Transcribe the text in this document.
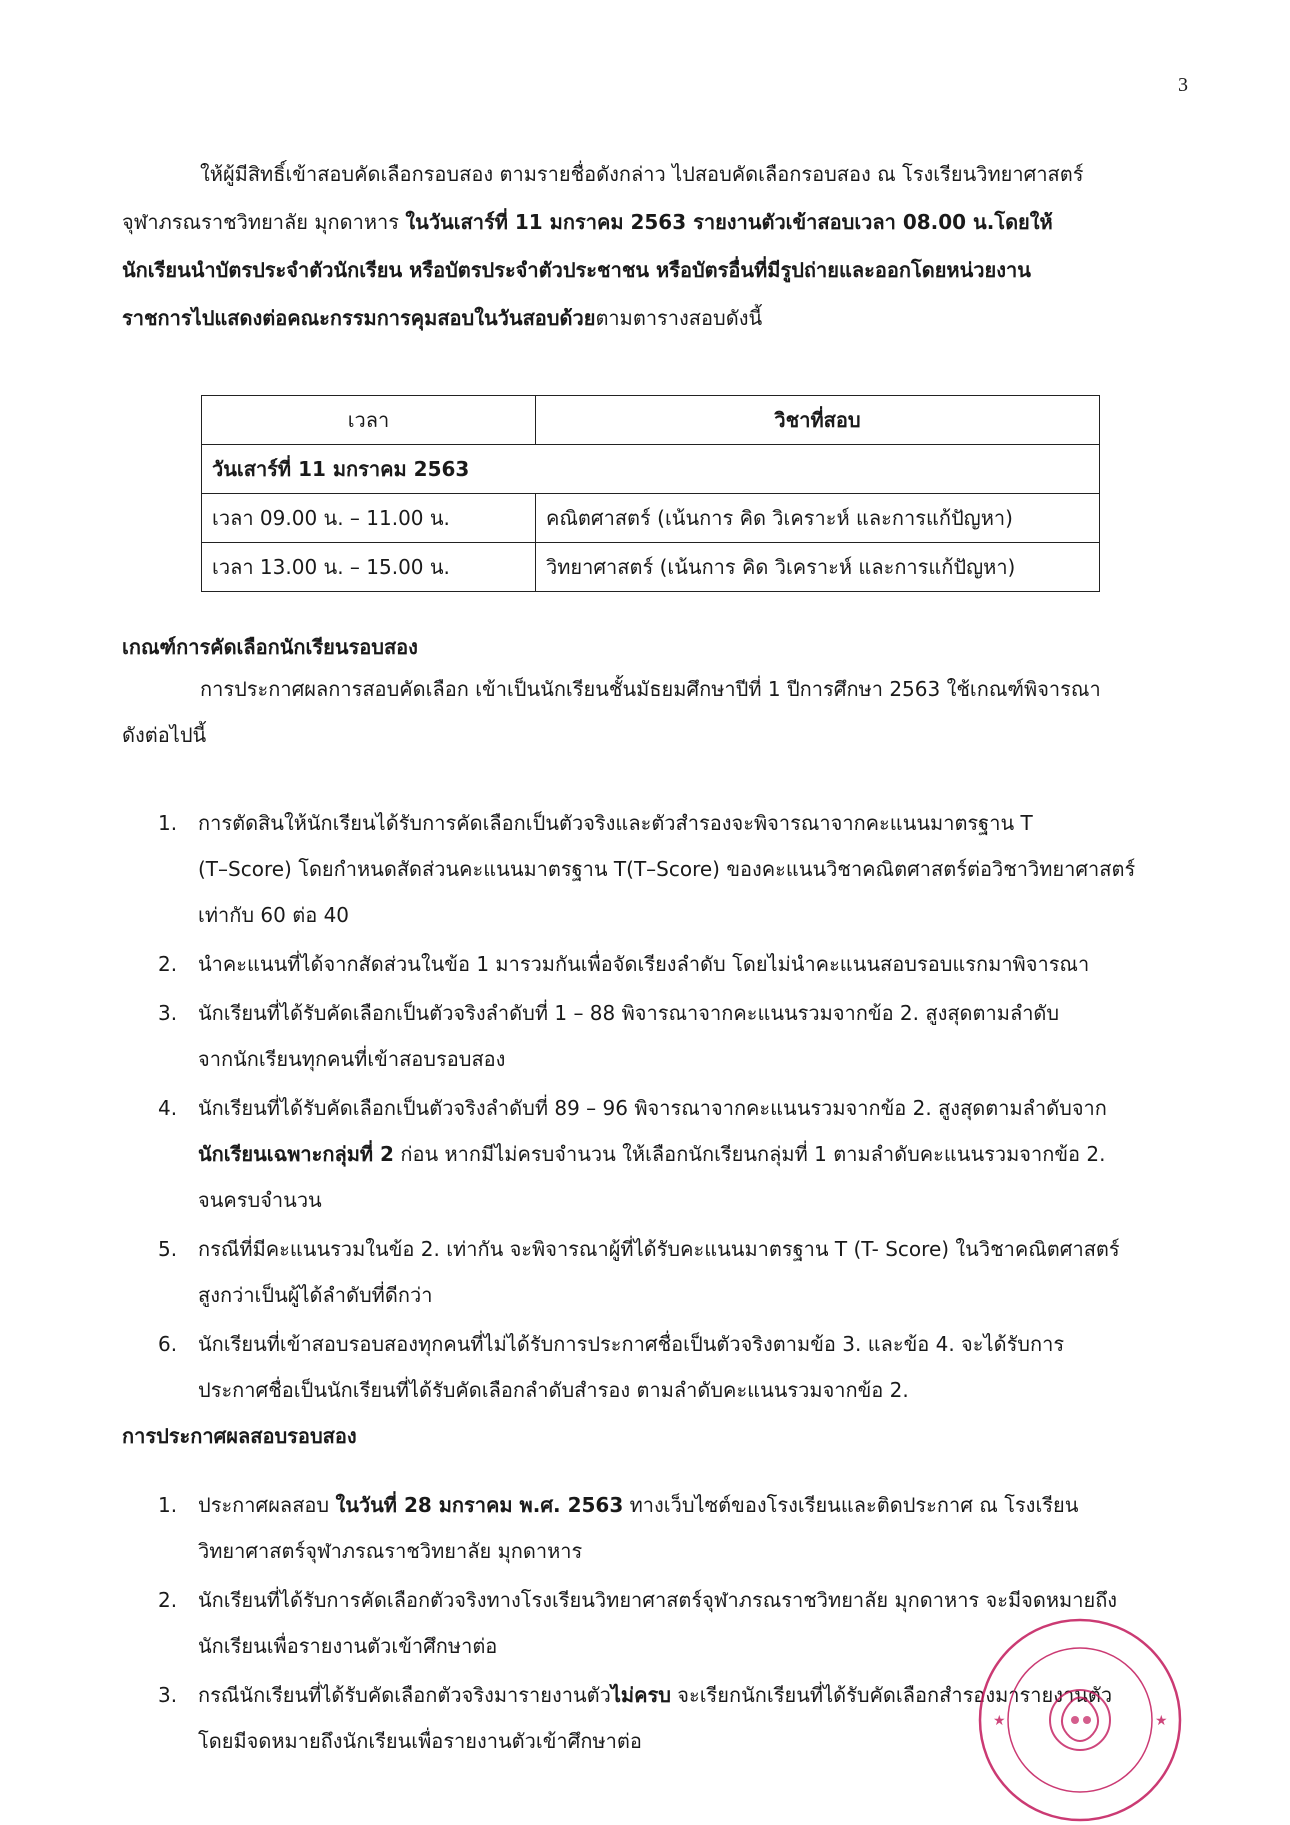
3
ให้ผู้มีสิทธิ์เข้าสอบคัดเลือกรอบสอง ตามรายชื่อดังกล่าว ไปสอบคัดเลือกรอบสอง ณ โรงเรียนวิทยาศาสตร์
จุฬาภรณราชวิทยาลัย มุกดาหาร ในวันเสาร์ที่ 11 มกราคม 2563 รายงานตัวเข้าสอบเวลา 08.00 น.โดยให้
นักเรียนนำบัตรประจำตัวนักเรียน หรือบัตรประจำตัวประชาชน หรือบัตรอื่นที่มีรูปถ่ายและออกโดยหน่วยงาน
ราชการไปแสดงต่อคณะกรรมการคุมสอบในวันสอบด้วยตามตารางสอบดังนี้
เวลา	วิชาที่สอบ
วันเสาร์ที่ 11 มกราคม 2563	
เวลา 09.00 น. – 11.00 น.	คณิตศาสตร์ (เน้นการ คิด วิเคราะห์ และการแก้ปัญหา)
เวลา 13.00 น. – 15.00 น.	วิทยาศาสตร์ (เน้นการ คิด วิเคราะห์ และการแก้ปัญหา)
เกณฑ์การคัดเลือกนักเรียนรอบสอง
การประกาศผลการสอบคัดเลือก เข้าเป็นนักเรียนชั้นมัธยมศึกษาปีที่ 1 ปีการศึกษา 2563 ใช้เกณฑ์พิจารณา
ดังต่อไปนี้
1. การตัดสินให้นักเรียนได้รับการคัดเลือกเป็นตัวจริงและตัวสำรองจะพิจารณาจากคะแนนมาตรฐาน T
(T–Score) โดยกำหนดสัดส่วนคะแนนมาตรฐาน T(T–Score) ของคะแนนวิชาคณิตศาสตร์ต่อวิชาวิทยาศาสตร์
เท่ากับ 60 ต่อ 40
2. นำคะแนนที่ได้จากสัดส่วนในข้อ 1 มารวมกันเพื่อจัดเรียงลำดับ โดยไม่นำคะแนนสอบรอบแรกมาพิจารณา
3. นักเรียนที่ได้รับคัดเลือกเป็นตัวจริงลำดับที่ 1 – 88 พิจารณาจากคะแนนรวมจากข้อ 2. สูงสุดตามลำดับ
จากนักเรียนทุกคนที่เข้าสอบรอบสอง
4. นักเรียนที่ได้รับคัดเลือกเป็นตัวจริงลำดับที่ 89 – 96 พิจารณาจากคะแนนรวมจากข้อ 2. สูงสุดตามลำดับจาก
นักเรียนเฉพาะกลุ่มที่ 2 ก่อน หากมีไม่ครบจำนวน ให้เลือกนักเรียนกลุ่มที่ 1 ตามลำดับคะแนนรวมจากข้อ 2.
จนครบจำนวน
5. กรณีที่มีคะแนนรวมในข้อ 2. เท่ากัน จะพิจารณาผู้ที่ได้รับคะแนนมาตรฐาน T (T- Score) ในวิชาคณิตศาสตร์
สูงกว่าเป็นผู้ได้ลำดับที่ดีกว่า
6. นักเรียนที่เข้าสอบรอบสองทุกคนที่ไม่ได้รับการประกาศชื่อเป็นตัวจริงตามข้อ 3. และข้อ 4. จะได้รับการ
ประกาศชื่อเป็นนักเรียนที่ได้รับคัดเลือกลำดับสำรอง ตามลำดับคะแนนรวมจากข้อ 2.
การประกาศผลสอบรอบสอง
1. ประกาศผลสอบ ในวันที่ 28 มกราคม พ.ศ. 2563 ทางเว็บไซต์ของโรงเรียนและติดประกาศ ณ โรงเรียน
วิทยาศาสตร์จุฬาภรณราชวิทยาลัย มุกดาหาร
2. นักเรียนที่ได้รับการคัดเลือกตัวจริงทางโรงเรียนวิทยาศาสตร์จุฬาภรณราชวิทยาลัย มุกดาหาร จะมีจดหมายถึง
นักเรียนเพื่อรายงานตัวเข้าศึกษาต่อ
3. กรณีนักเรียนที่ได้รับคัดเลือกตัวจริงมารายงานตัวไม่ครบ จะเรียกนักเรียนที่ได้รับคัดเลือกสำรองมารายงานตัว
โดยมีจดหมายถึงนักเรียนเพื่อรายงานตัวเข้าศึกษาต่อ
★	★
